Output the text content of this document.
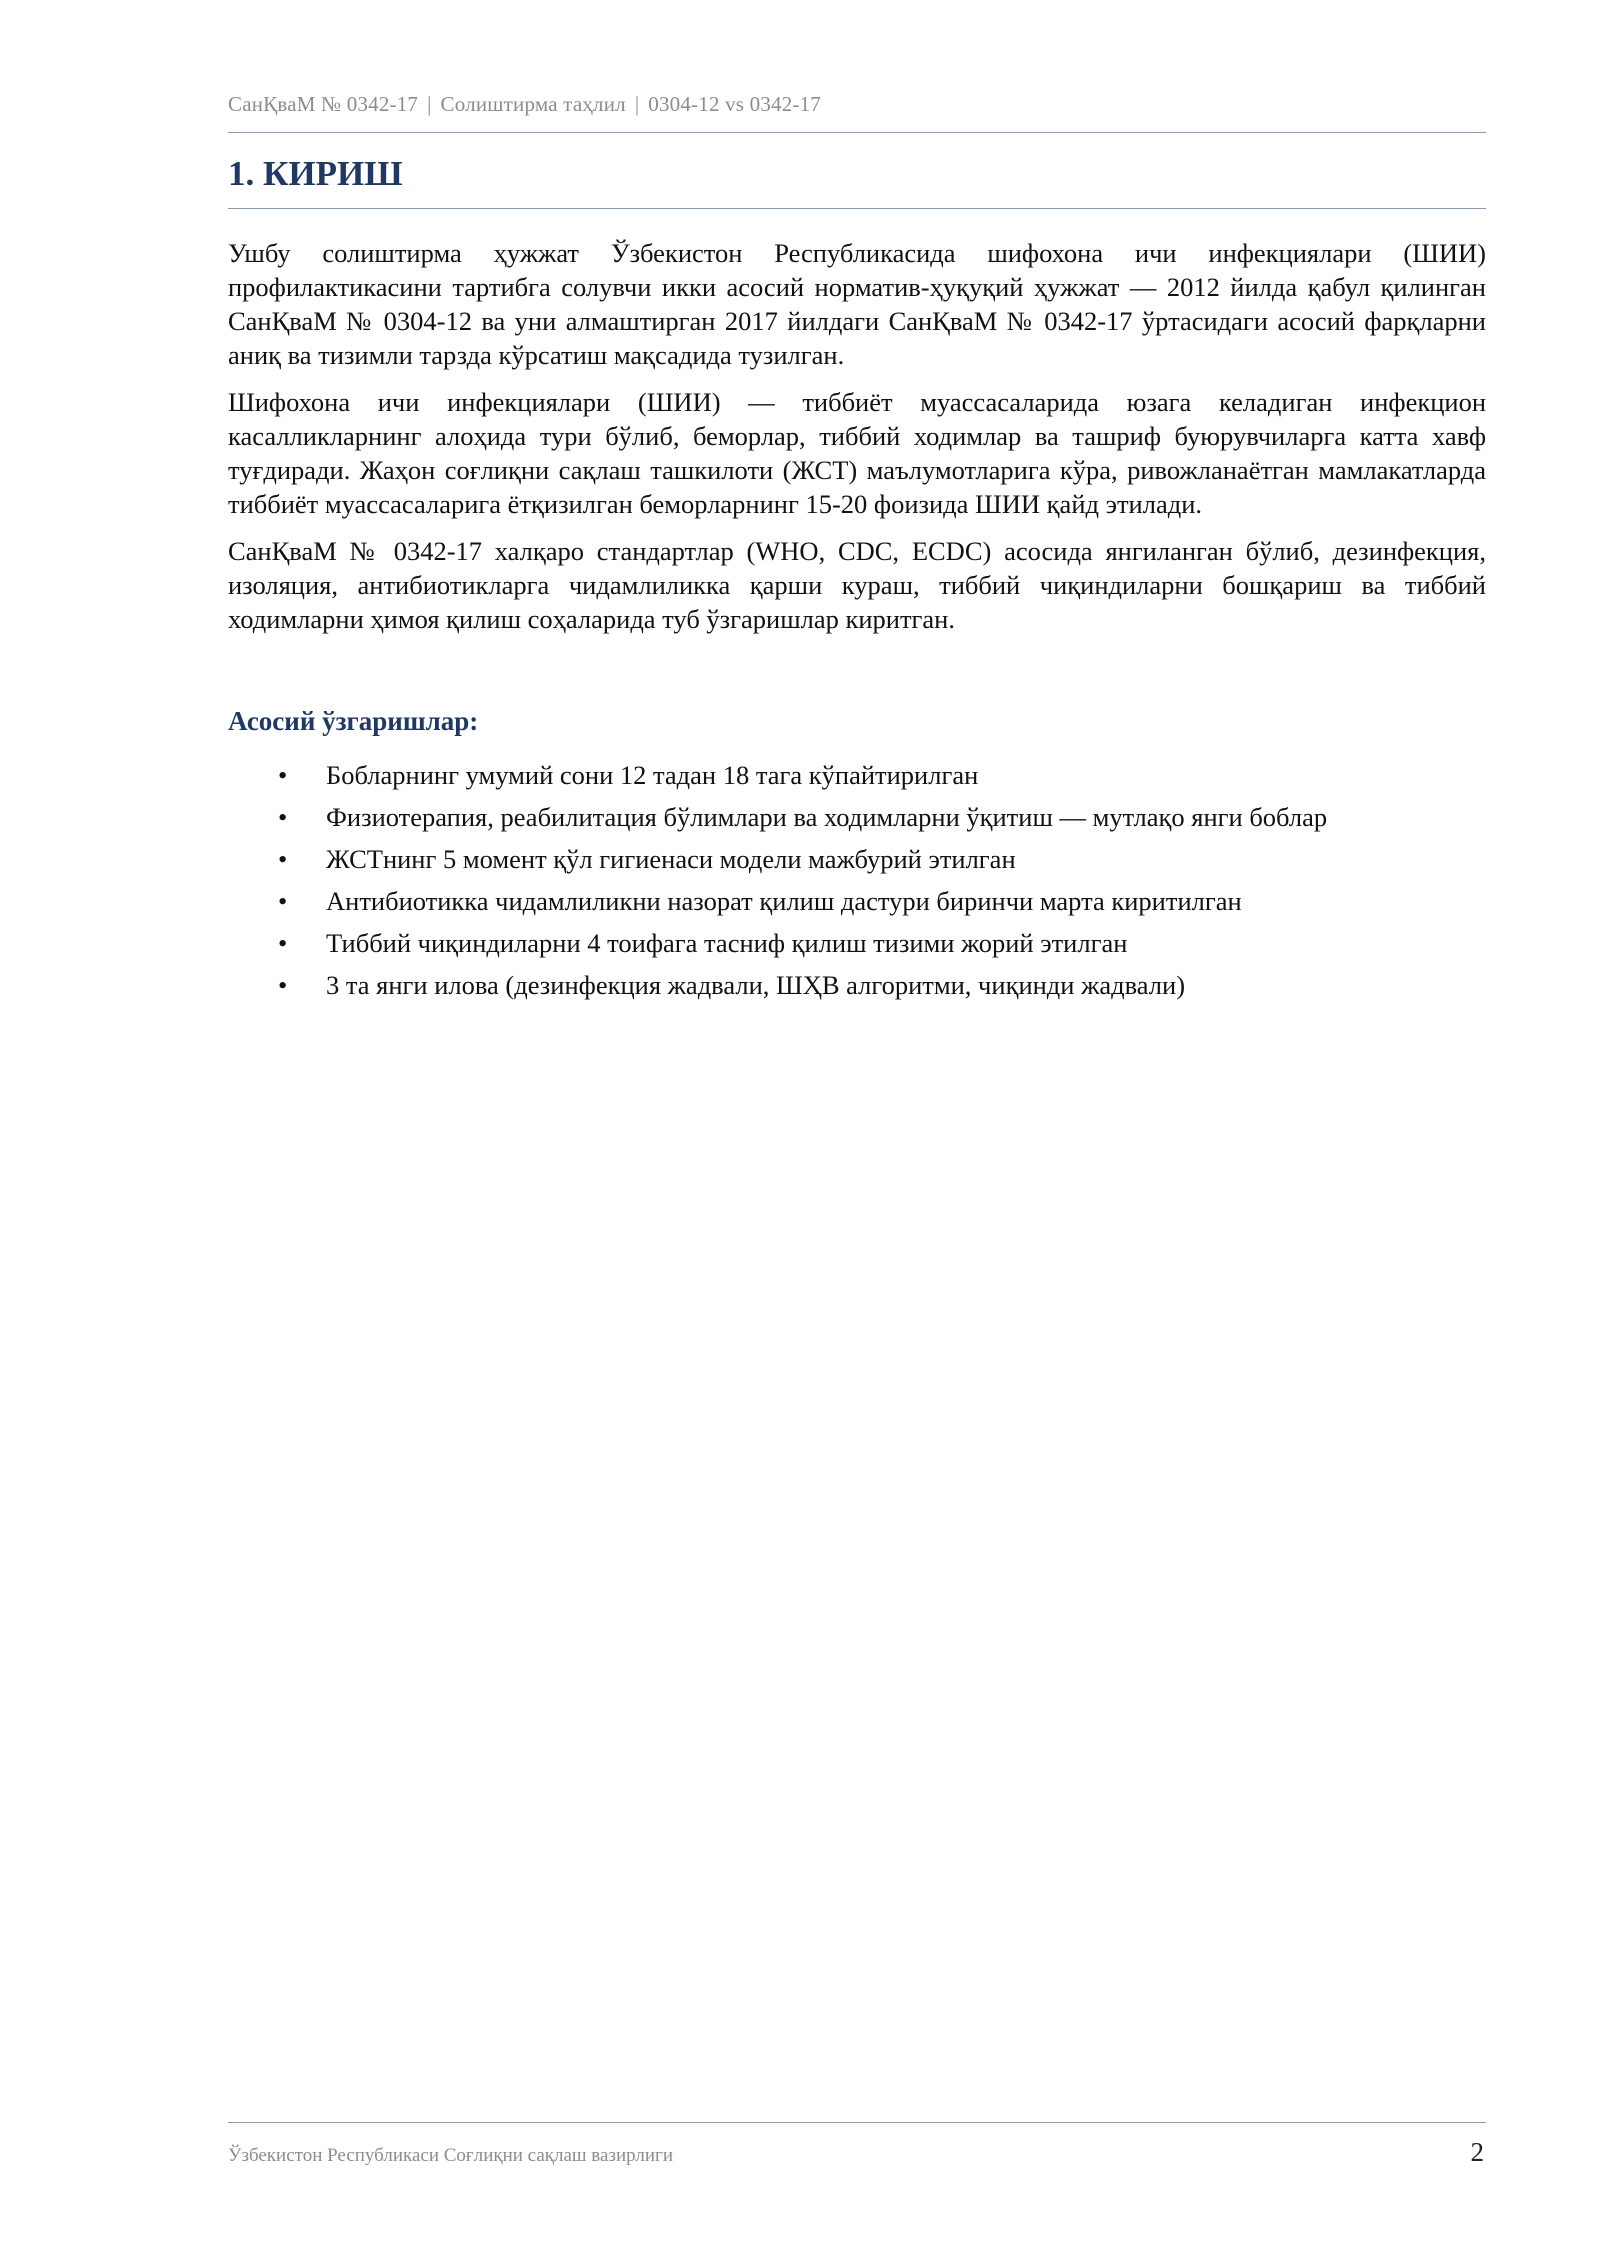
СанҚваМ № 0342-17 | Солиштирма таҳлил | 0304-12 vs 0342-17
1. КИРИШ

Ушбу солиштирма ҳужжат Ўзбекистон Республикасида шифохона ичи инфекциялари (ШИИ) профилактикасини тартибга солувчи икки асосий норматив-ҳуқуқий ҳужжат — 2012 йилда қабул қилинган СанҚваМ № 0304-12 ва уни алмаштирган 2017 йилдаги СанҚваМ № 0342-17 ўртасидаги асосий фарқларни аниқ ва тизимли тарзда кўрсатиш мақсадида тузилган.

Шифохона ичи инфекциялари (ШИИ) — тиббиёт муассасаларида юзага келадиган инфекцион касалликларнинг алоҳида тури бўлиб, беморлар, тиббий ходимлар ва ташриф буюрувчиларга катта хавф туғдиради. Жаҳон соғлиқни сақлаш ташкилоти (ЖСТ) маълумотларига кўра, ривожланаётган мамлакатларда тиббиёт муассасаларига ётқизилган беморларнинг 15-20 фоизида ШИИ қайд этилади.

СанҚваМ № 0342-17 халқаро стандартлар (WHO, CDC, ECDC) асосида янгиланган бўлиб, дезинфекция, изоляция, антибиотикларга чидамлиликка қарши кураш, тиббий чиқиндиларни бошқариш ва тиббий ходимларни ҳимоя қилиш соҳаларида туб ўзгаришлар киритган.

Асосий ўзгаришлар:
• Бобларнинг умумий сони 12 тадан 18 тага кўпайтирилган
• Физиотерапия, реабилитация бўлимлари ва ходимларни ўқитиш — мутлақо янги боблар
• ЖСТнинг 5 момент қўл гигиенаси модели мажбурий этилган
• Антибиотикка чидамлиликни назорат қилиш дастури биринчи марта киритилган
• Тиббий чиқиндиларни 4 тоифага тасниф қилиш тизими жорий этилган
• 3 та янги илова (дезинфекция жадвали, ШҲВ алгоритми, чиқинди жадвали)
Ўзбекистон Республикаси Соғлиқни сақлаш вазирлиги	2
